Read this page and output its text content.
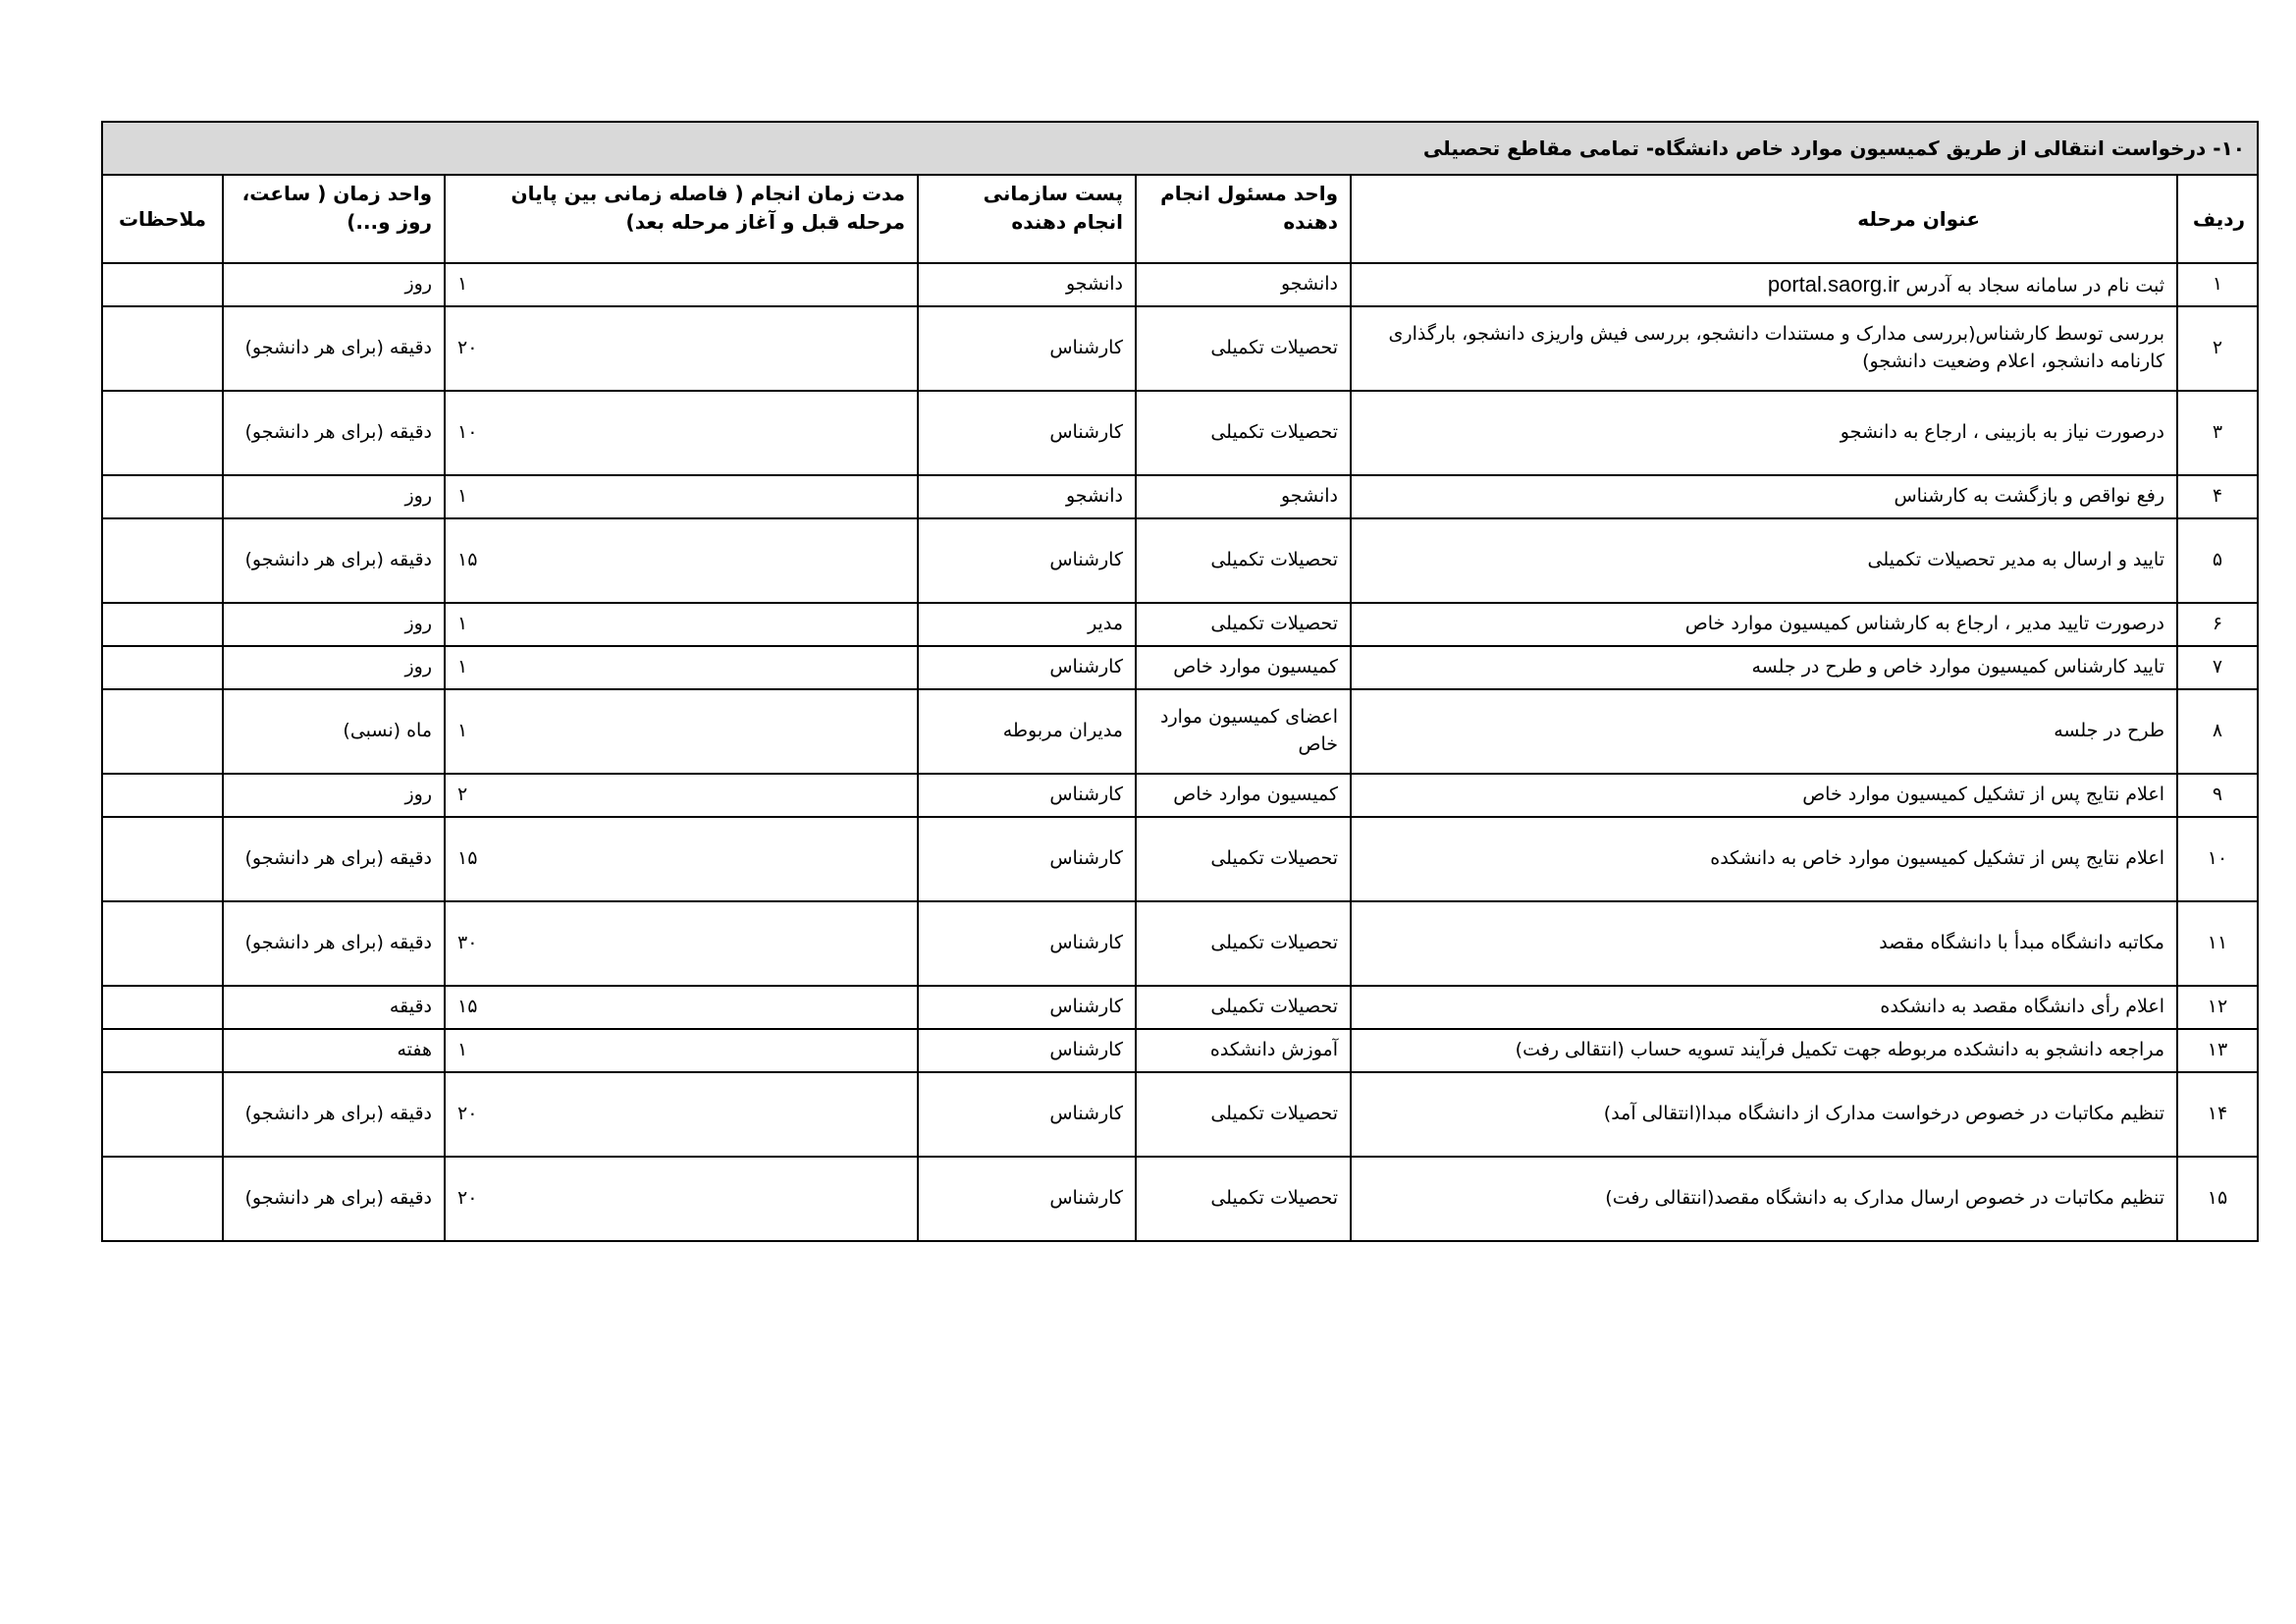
۱۰- درخواست انتقالی از طریق کمیسیون موارد خاص دانشگاه- تمامی مقاطع تحصیلی						
ردیف	عنوان مرحله	واحد مسئول انجام دهنده	پست سازمانی انجام دهنده	مدت زمان انجام ( فاصله زمانی بین پایان مرحله قبل و آغاز مرحله بعد)	واحد زمان ( ساعت، روز و...)	ملاحظات
۱	ثبت نام در سامانه سجاد به آدرس portal.saorg.ir	دانشجو	دانشجو	۱	روز	
۲	بررسی توسط کارشناس(بررسی مدارک و مستندات دانشجو، بررسی فیش واریزی دانشجو، بارگذاری کارنامه دانشجو، اعلام وضعیت دانشجو)	تحصیلات تکمیلی	کارشناس	۲۰	دقیقه (برای هر دانشجو)	
۳	درصورت نیاز به بازبینی ، ارجاع به دانشجو	تحصیلات تکمیلی	کارشناس	۱۰	دقیقه (برای هر دانشجو)	
۴	رفع نواقص و بازگشت به کارشناس	دانشجو	دانشجو	۱	روز	
۵	تایید و ارسال به مدیر تحصیلات تکمیلی	تحصیلات تکمیلی	کارشناس	۱۵	دقیقه (برای هر دانشجو)	
۶	درصورت تایید مدیر ، ارجاع به کارشناس کمیسیون موارد خاص	تحصیلات تکمیلی	مدیر	۱	روز	
۷	تایید کارشناس کمیسیون موارد خاص و طرح در جلسه	کمیسیون موارد خاص	کارشناس	۱	روز	
۸	طرح در جلسه	اعضای کمیسیون موارد خاص	مدیران مربوطه	۱	ماه (نسبی)	
۹	اعلام نتایج پس از تشکیل کمیسیون موارد خاص	کمیسیون موارد خاص	کارشناس	۲	روز	
۱۰	اعلام نتایج پس از تشکیل کمیسیون موارد خاص به دانشکده	تحصیلات تکمیلی	کارشناس	۱۵	دقیقه (برای هر دانشجو)	
۱۱	مکاتبه دانشگاه مبدأ با دانشگاه مقصد	تحصیلات تکمیلی	کارشناس	۳۰	دقیقه (برای هر دانشجو)	
۱۲	اعلام رأی دانشگاه مقصد به دانشکده	تحصیلات تکمیلی	کارشناس	۱۵	دقیقه	
۱۳	مراجعه دانشجو به دانشکده مربوطه جهت تکمیل فرآیند تسویه حساب (انتقالی رفت)	آموزش دانشکده	کارشناس	۱	هفته	
۱۴	تنظیم مکاتبات در خصوص درخواست مدارک از دانشگاه مبدا(انتقالی آمد)	تحصیلات تکمیلی	کارشناس	۲۰	دقیقه (برای هر دانشجو)	
۱۵	تنظیم مکاتبات در خصوص ارسال مدارک به دانشگاه مقصد(انتقالی رفت)	تحصیلات تکمیلی	کارشناس	۲۰	دقیقه (برای هر دانشجو)	
